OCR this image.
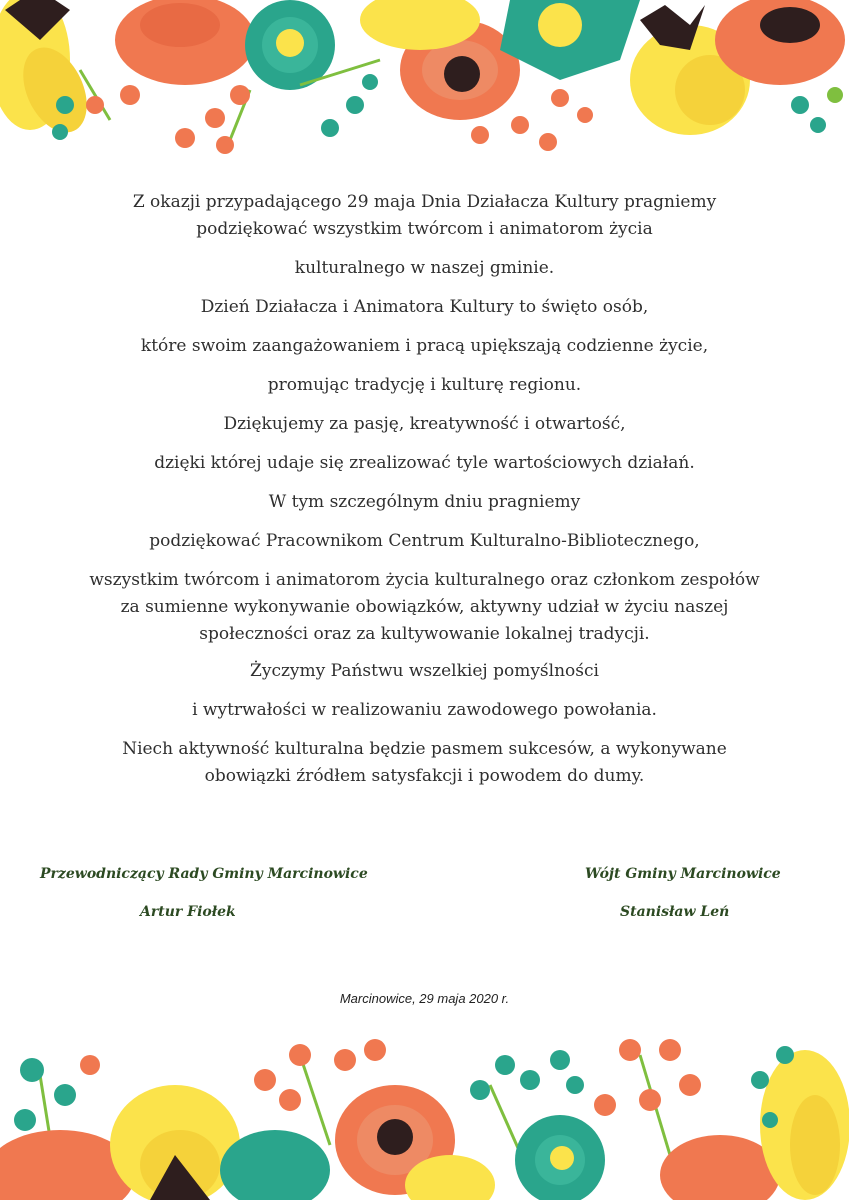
Z okazji przypadającego 29 maja Dnia Działacza Kultury pragniemy
podziękować wszystkim twórcom i animatorom życia
kulturalnego w naszej gminie.
Dzień Działacza i Animatora Kultury to święto osób,
które swoim zaangażowaniem i pracą upiększają codzienne życie,
promując tradycję i kulturę regionu.
Dziękujemy za pasję, kreatywność i otwartość,
dzięki której udaje się zrealizować tyle wartościowych działań.
W tym szczególnym dniu pragniemy
podziękować Pracownikom Centrum Kulturalno-Bibliotecznego,
wszystkim twórcom i animatorom życia kulturalnego oraz członkom zespołów
za sumienne wykonywanie obowiązków, aktywny udział w życiu naszej
społeczności oraz za kultywowanie lokalnej tradycji.
Życzymy Państwu wszelkiej pomyślności
i wytrwałości w realizowaniu zawodowego powołania.
Niech aktywność kulturalna będzie pasmem sukcesów, a wykonywane
obowiązki źródłem satysfakcji i powodem do dumy.
Przewodniczący Rady Gminy Marcinowice
Artur Fiołek
Wójt Gminy Marcinowice
Stanisław Leń
Marcinowice, 29 maja 2020 r.
